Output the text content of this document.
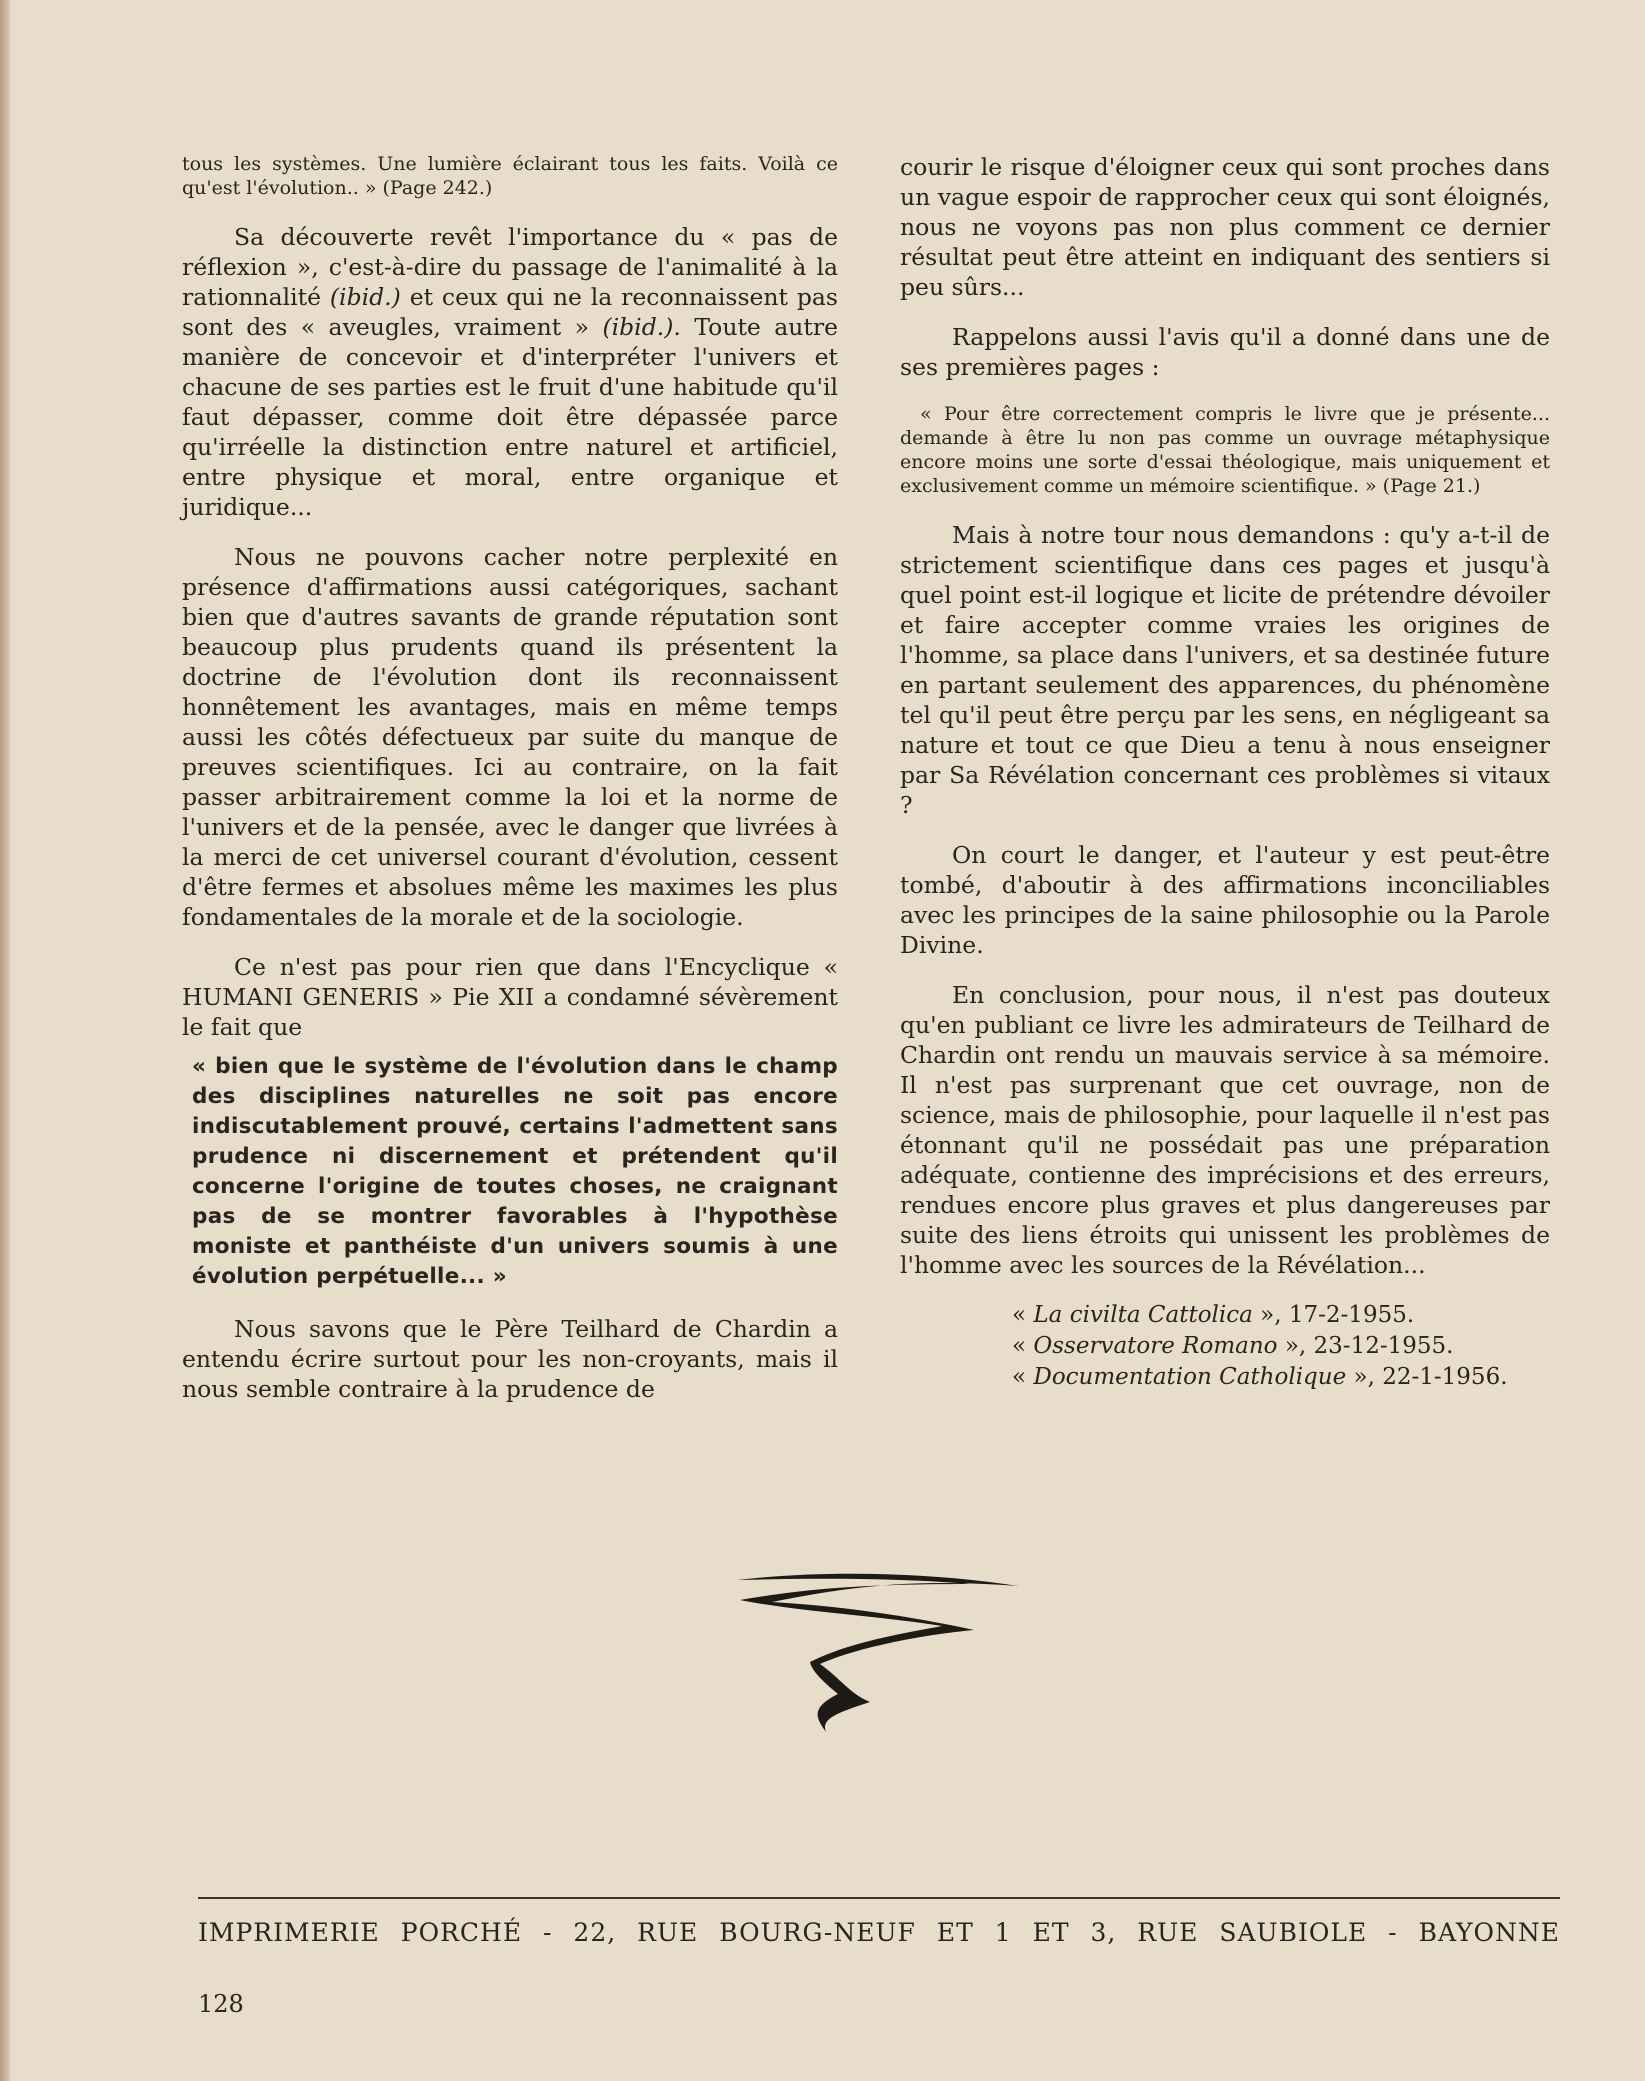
tous les systèmes. Une lumière éclairant tous les faits. Voilà ce qu'est l'évolution.. » (Page 242.)

Sa découverte revêt l'importance du « pas de réflexion », c'est-à-dire du passage de l'animalité à la rationnalité (ibid.) et ceux qui ne la reconnaissent pas sont des « aveugles, vraiment » (ibid.). Toute autre manière de concevoir et d'interpréter l'univers et chacune de ses parties est le fruit d'une habitude qu'il faut dépasser, comme doit être dépassée parce qu'irréelle la distinction entre naturel et artificiel, entre physique et moral, entre organique et juridique...

Nous ne pouvons cacher notre perplexité en présence d'affirmations aussi catégoriques, sachant bien que d'autres savants de grande réputation sont beaucoup plus prudents quand ils présentent la doctrine de l'évolution dont ils reconnaissent honnêtement les avantages, mais en même temps aussi les côtés défectueux par suite du manque de preuves scientifiques. Ici au contraire, on la fait passer arbitrairement comme la loi et la norme de l'univers et de la pensée, avec le danger que livrées à la merci de cet universel courant d'évolution, cessent d'être fermes et absolues même les maximes les plus fondamentales de la morale et de la sociologie.

Ce n'est pas pour rien que dans l'Encyclique « HUMANI GENERIS » Pie XII a condamné sévèrement le fait que

« bien que le système de l'évolution dans le champ des disciplines naturelles ne soit pas encore indiscutablement prouvé, certains l'admettent sans prudence ni discernement et prétendent qu'il concerne l'origine de toutes choses, ne craignant pas de se montrer favorables à l'hypothèse moniste et panthéiste d'un univers soumis à une évolution perpétuelle... »

Nous savons que le Père Teilhard de Chardin a entendu écrire surtout pour les non-croyants, mais il nous semble contraire à la prudence de

courir le risque d'éloigner ceux qui sont proches dans un vague espoir de rapprocher ceux qui sont éloignés, nous ne voyons pas non plus comment ce dernier résultat peut être atteint en indiquant des sentiers si peu sûrs...

Rappelons aussi l'avis qu'il a donné dans une de ses premières pages :

« Pour être correctement compris le livre que je présente... demande à être lu non pas comme un ouvrage métaphysique encore moins une sorte d'essai théologique, mais uniquement et exclusivement comme un mémoire scientifique. » (Page 21.)

Mais à notre tour nous demandons : qu'y a-t-il de strictement scientifique dans ces pages et jusqu'à quel point est-il logique et licite de prétendre dévoiler et faire accepter comme vraies les origines de l'homme, sa place dans l'univers, et sa destinée future en partant seulement des apparences, du phénomène tel qu'il peut être perçu par les sens, en négligeant sa nature et tout ce que Dieu a tenu à nous enseigner par Sa Révélation concernant ces problèmes si vitaux ?

On court le danger, et l'auteur y est peut-être tombé, d'aboutir à des affirmations inconciliables avec les principes de la saine philosophie ou la Parole Divine.

En conclusion, pour nous, il n'est pas douteux qu'en publiant ce livre les admirateurs de Teilhard de Chardin ont rendu un mauvais service à sa mémoire. Il n'est pas surprenant que cet ouvrage, non de science, mais de philosophie, pour laquelle il n'est pas étonnant qu'il ne possédait pas une préparation adéquate, contienne des imprécisions et des erreurs, rendues encore plus graves et plus dangereuses par suite des liens étroits qui unissent les problèmes de l'homme avec les sources de la Révélation...

« La civilta Cattolica », 17-2-1955.
« Osservatore Romano », 23-12-1955.
« Documentation Catholique », 22-1-1956.
IMPRIMERIE PORCHÉ - 22, RUE BOURG-NEUF ET 1 ET 3, RUE SAUBIOLE - BAYONNE
128
